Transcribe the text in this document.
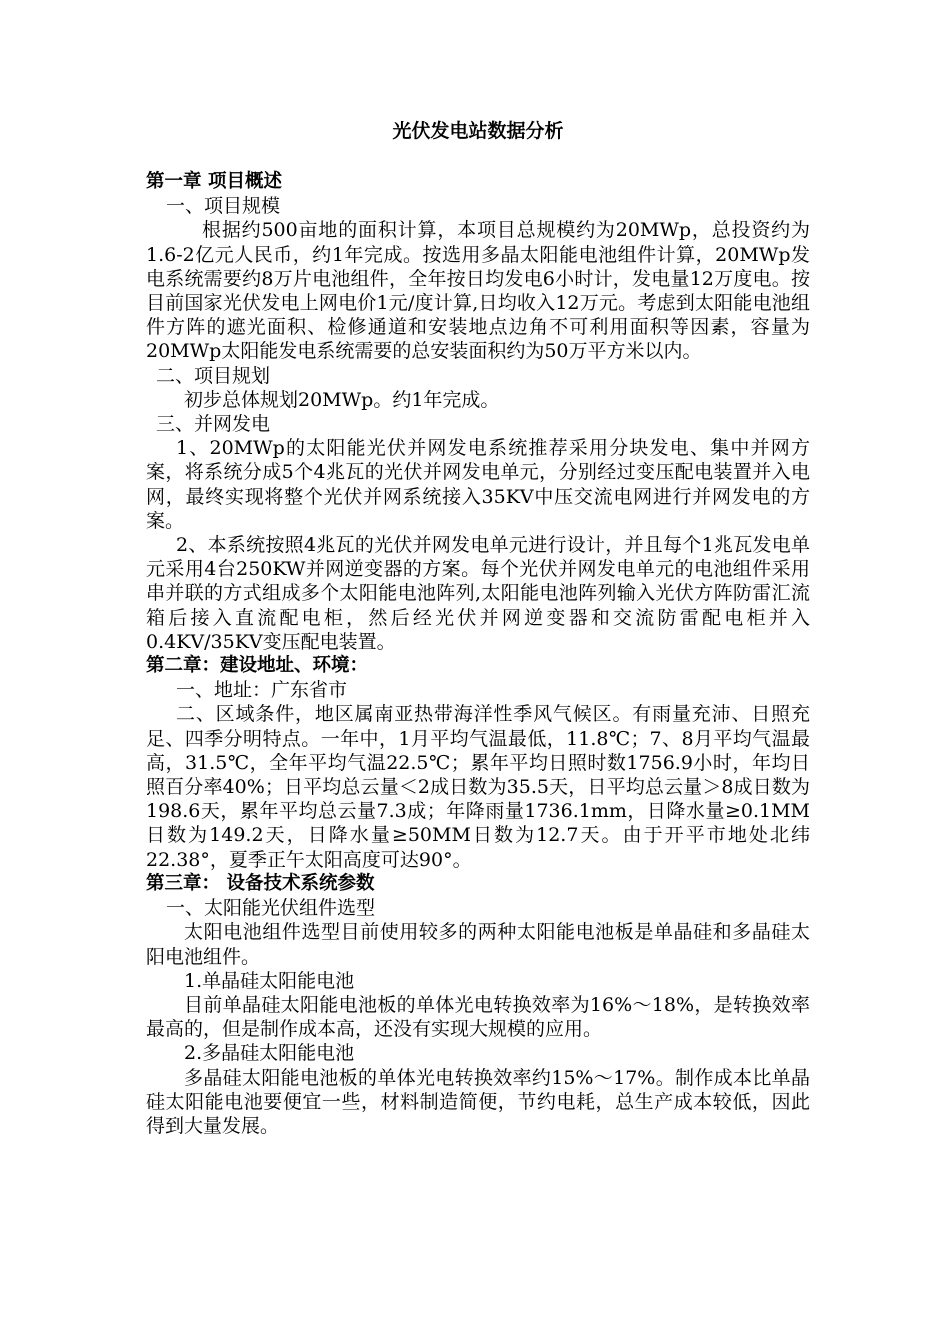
光伏发电站数据分析
第一章 项目概述
一、项目规模
根据约500亩地的面积计算，本项目总规模约为20MWp，总投资约为1.6-2亿元人民币，约1年完成。按选用多晶太阳能电池组件计算，20MWp发电系统需要约8万片电池组件，全年按日均发电6小时计，发电量12万度电。按目前国家光伏发电上网电价1元/度计算,日均收入12万元。考虑到太阳能电池组件方阵的遮光面积、检修通道和安装地点边角不可利用面积等因素，容量为20MWp太阳能发电系统需要的总安装面积约为50万平方米以内。
二、项目规划
初步总体规划20MWp。约1年完成。
三、并网发电
1、20MWp的太阳能光伏并网发电系统推荐采用分块发电、集中并网方案，将系统分成5个4兆瓦的光伏并网发电单元，分别经过变压配电装置并入电网，最终实现将整个光伏并网系统接入35KV中压交流电网进行并网发电的方案。
2、本系统按照4兆瓦的光伏并网发电单元进行设计，并且每个1兆瓦发电单元采用4台250KW并网逆变器的方案。每个光伏并网发电单元的电池组件采用串并联的方式组成多个太阳能电池阵列,太阳能电池阵列输入光伏方阵防雷汇流箱后接入直流配电柜，然后经光伏并网逆变器和交流防雷配电柜并入0.4KV/35KV变压配电装置。
第二章：建设地址、环境：
一、地址：广东省市
二、区域条件，地区属南亚热带海洋性季风气候区。有雨量充沛、日照充足、四季分明特点。一年中，1月平均气温最低，11.8℃；7、8月平均气温最高，31.5℃，全年平均气温22.5℃；累年平均日照时数1756.9小时，年均日照百分率40%；日平均总云量＜2成日数为35.5天，日平均总云量＞8成日数为198.6天，累年平均总云量7.3成；年降雨量1736.1mm，日降水量≥0.1MM日数为149.2天，日降水量≥50MM日数为12.7天。由于开平市地处北纬22.38°，夏季正午太阳高度可达90°。
第三章： 设备技术系统参数
一、太阳能光伏组件选型
太阳电池组件选型目前使用较多的两种太阳能电池板是单晶硅和多晶硅太阳电池组件。
1.单晶硅太阳能电池
目前单晶硅太阳能电池板的单体光电转换效率为16%～18%，是转换效率最高的，但是制作成本高，还没有实现大规模的应用。
2.多晶硅太阳能电池
多晶硅太阳能电池板的单体光电转换效率约15%～17%。制作成本比单晶硅太阳能电池要便宜一些，材料制造简便，节约电耗，总生产成本较低，因此得到大量发展。
